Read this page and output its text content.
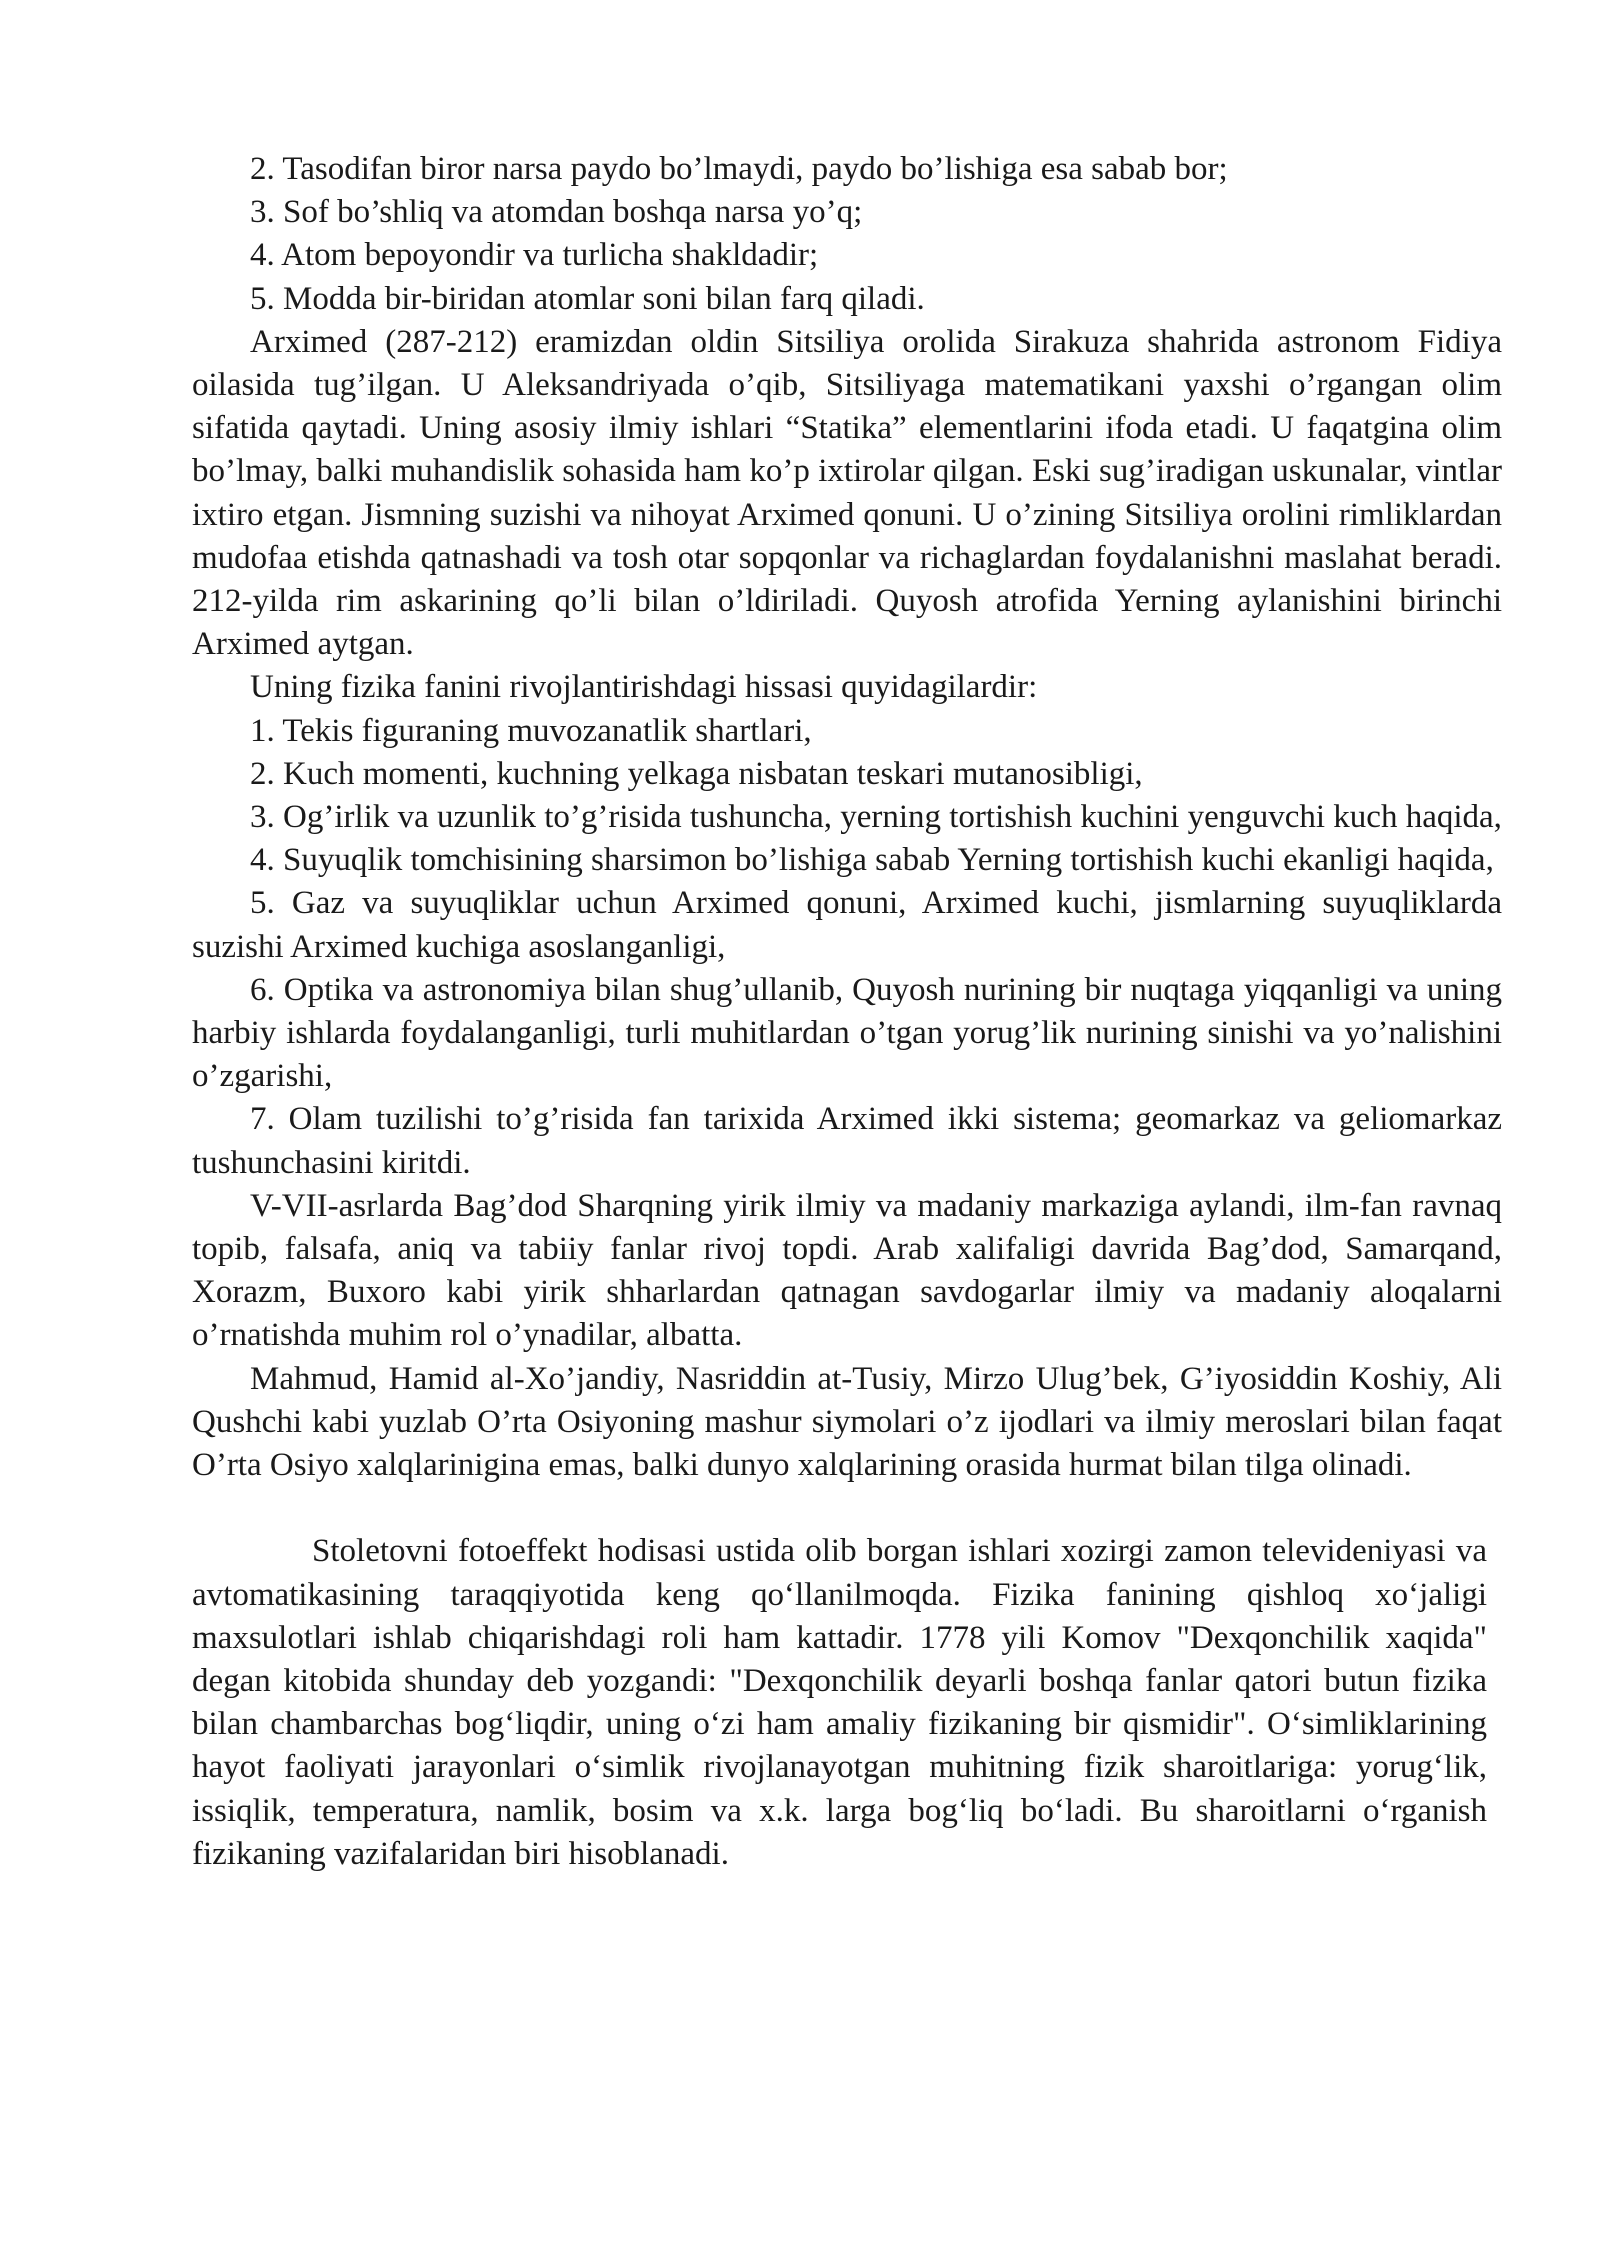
2. Tasodifan biror narsa paydo bo’lmaydi, paydo bo’lishiga esa sabab bor;

3. Sof bo’shliq va atomdan boshqa narsa yo’q;

4. Atom bepoyondir va turlicha shakldadir;

5. Modda bir-biridan atomlar soni bilan farq qiladi.

Arximed (287-212) eramizdan oldin Sitsiliya orolida Sirakuza shahrida astronom Fidiya oilasida tug’ilgan. U Aleksandriyada o’qib, Sitsiliyaga matematikani yaxshi o’rgangan olim sifatida qaytadi. Uning asosiy ilmiy ishlari “Statika” elementlarini ifoda etadi. U faqatgina olim bo’lmay, balki muhandislik sohasida ham ko’p ixtirolar qilgan. Eski sug’iradigan uskunalar, vintlar ixtiro etgan. Jismning suzishi va nihoyat Arximed qonuni. U o’zining Sitsiliya orolini rimliklardan mudofaa etishda qatnashadi va tosh otar sopqonlar va richaglardan foydalanishni maslahat beradi. 212-yilda rim askarining qo’li bilan o’ldiriladi. Quyosh atrofida Yerning aylanishini birinchi Arximed aytgan.

Uning fizika fanini rivojlantirishdagi hissasi quyidagilardir:

1. Tekis figuraning muvozanatlik shartlari,

2. Kuch momenti, kuchning yelkaga nisbatan teskari mutanosibligi,

3. Og’irlik va uzunlik to’g’risida tushuncha, yerning tortishish kuchini yenguvchi kuch haqida,

4. Suyuqlik tomchisining sharsimon bo’lishiga sabab Yerning tortishish kuchi ekanligi haqida,

5. Gaz va suyuqliklar uchun Arximed qonuni, Arximed kuchi, jismlarning suyuqliklarda suzishi Arximed kuchiga asoslanganligi,

6. Optika va astronomiya bilan shug’ullanib, Quyosh nurining bir nuqtaga yiqqanligi va uning harbiy ishlarda foydalanganligi, turli muhitlardan o’tgan yorug’lik nurining sinishi va yo’nalishini o’zgarishi,

7. Olam tuzilishi to’g’risida fan tarixida Arximed ikki sistema; geomarkaz va geliomarkaz tushunchasini kiritdi.

V-VII-asrlarda Bag’dod Sharqning yirik ilmiy va madaniy markaziga aylandi, ilm-fan ravnaq topib, falsafa, aniq va tabiiy fanlar rivoj topdi. Arab xalifaligi davrida Bag’dod, Samarqand, Xorazm, Buxoro kabi yirik shharlardan qatnagan savdogarlar ilmiy va madaniy aloqalarni o’rnatishda muhim rol o’ynadilar, albatta.

Mahmud, Hamid al-Xo’jandiy, Nasriddin at-Tusiy, Mirzo Ulug’bek, G’iyosiddin Koshiy, Ali Qushchi kabi yuzlab O’rta Osiyoning mashur siymolari o’z ijodlari va ilmiy meroslari bilan faqat O’rta Osiyo xalqlarinigina emas, balki dunyo xalqlarining orasida hurmat bilan tilga olinadi.

Stoletovni fotoeffekt hodisasi ustida olib borgan ishlari xozirgi zamon televideniyasi va avtomatikasining taraqqiyotida keng qo‘llanilmoqda. Fizika fanining qishloq xo‘jaligi maxsulotlari ishlab chiqarishdagi roli ham kattadir. 1778 yili Komov "Dexqonchilik xaqida" degan kitobida shunday deb yozgandi: "Dexqonchilik deyarli boshqa fanlar qatori butun fizika bilan chambarchas bog‘liqdir, uning o‘zi ham amaliy fizikaning bir qismidir". O‘simliklarining hayot faoliyati jarayonlari o‘simlik rivojlanayotgan muhitning fizik sharoitlariga: yorug‘lik, issiqlik, temperatura, namlik, bosim va x.k. larga bog‘liq bo‘ladi. Bu sharoitlarni o‘rganish fizikaning vazifalaridan biri hisoblanadi.
